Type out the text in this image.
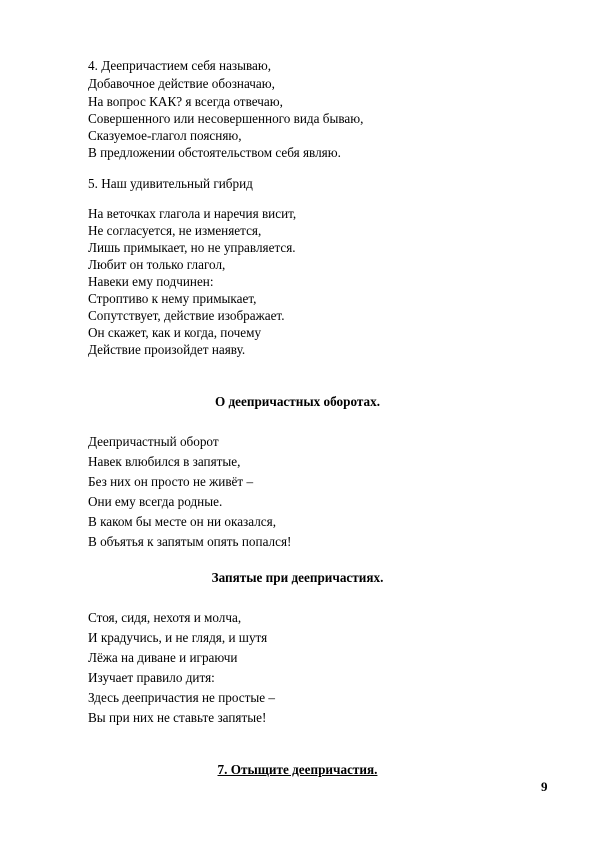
4. Деепричастием себя называю,
Добавочное действие обозначаю,
На вопрос КАК? я всегда отвечаю,
Совершенного или несовершенного вида бываю,
Сказуемое-глагол поясняю,
В предложении обстоятельством себя являю.
5. Наш удивительный гибрид
На веточках глагола и наречия висит,
Не согласуется, не изменяется,
Лишь примыкает, но не управляется.
Любит он только глагол,
Навеки ему подчинен:
Строптиво к нему примыкает,
Сопутствует, действие изображает.
Он скажет, как и когда, почему
Действие произойдет наяву.
О деепричастных оборотах.
Деепричастный оборот
Навек влюбился в запятые,
Без них он просто не живёт –
Они ему всегда родные.
В каком бы месте он ни оказался,
В объятья к запятым опять попался!
Запятые при деепричастиях.
Стоя, сидя, нехотя и молча,
И крадучись, и не глядя, и шутя
Лёжа на диване и играючи
Изучает правило дитя:
Здесь деепричастия не простые –
Вы при них не ставьте запятые!
7. Отыщите деепричастия.
9
